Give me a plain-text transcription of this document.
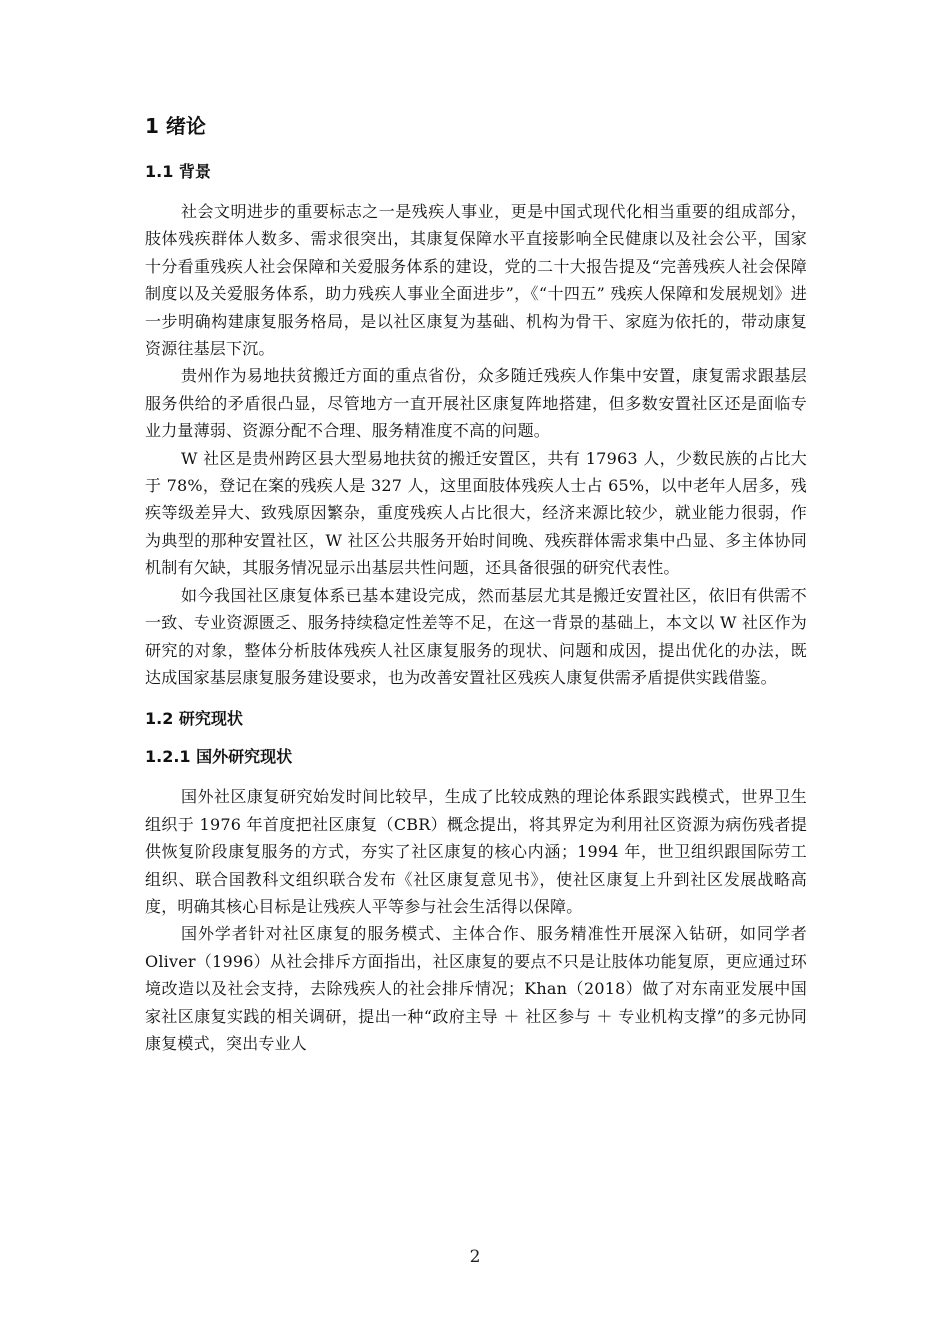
1 绪论
1.1 背景

社会文明进步的重要标志之一是残疾人事业，更是中国式现代化相当重要的组成部分，肢体残疾群体人数多、需求很突出，其康复保障水平直接影响全民健康以及社会公平，国家十分看重残疾人社会保障和关爱服务体系的建设，党的二十大报告提及“完善残疾人社会保障制度以及关爱服务体系，助力残疾人事业全面进步”，《“十四五” 残疾人保障和发展规划》进一步明确构建康复服务格局，是以社区康复为基础、机构为骨干、家庭为依托的，带动康复资源往基层下沉。

贵州作为易地扶贫搬迁方面的重点省份，众多随迁残疾人作集中安置，康复需求跟基层服务供给的矛盾很凸显，尽管地方一直开展社区康复阵地搭建，但多数安置社区还是面临专业力量薄弱、资源分配不合理、服务精准度不高的问题。

W 社区是贵州跨区县大型易地扶贫的搬迁安置区，共有 17963 人，少数民族的占比大于 78%，登记在案的残疾人是 327 人，这里面肢体残疾人士占 65%，以中老年人居多，残疾等级差异大、致残原因繁杂，重度残疾人占比很大，经济来源比较少，就业能力很弱，作为典型的那种安置社区，W 社区公共服务开始时间晚、残疾群体需求集中凸显、多主体协同机制有欠缺，其服务情况显示出基层共性问题，还具备很强的研究代表性。

如今我国社区康复体系已基本建设完成，然而基层尤其是搬迁安置社区，依旧有供需不一致、专业资源匮乏、服务持续稳定性差等不足，在这一背景的基础上，本文以 W 社区作为研究的对象，整体分析肢体残疾人社区康复服务的现状、问题和成因，提出优化的办法，既达成国家基层康复服务建设要求，也为改善安置社区残疾人康复供需矛盾提供实践借鉴。

1.2 研究现状
1.2.1 国外研究现状

国外社区康复研究始发时间比较早，生成了比较成熟的理论体系跟实践模式，世界卫生组织于 1976 年首度把社区康复（CBR）概念提出，将其界定为利用社区资源为病伤残者提供恢复阶段康复服务的方式，夯实了社区康复的核心内涵；1994 年，世卫组织跟国际劳工组织、联合国教科文组织联合发布《社区康复意见书》，使社区康复上升到社区发展战略高度，明确其核心目标是让残疾人平等参与社会生活得以保障。

国外学者针对社区康复的服务模式、主体合作、服务精准性开展深入钻研，如同学者 Oliver（1996）从社会排斥方面指出，社区康复的要点不只是让肢体功能复原，更应通过环境改造以及社会支持，去除残疾人的社会排斥情况；Khan（2018）做了对东南亚发展中国家社区康复实践的相关调研，提出一种“政府主导 ＋ 社区参与 ＋ 专业机构支撑”的多元协同康复模式，突出专业人

2
